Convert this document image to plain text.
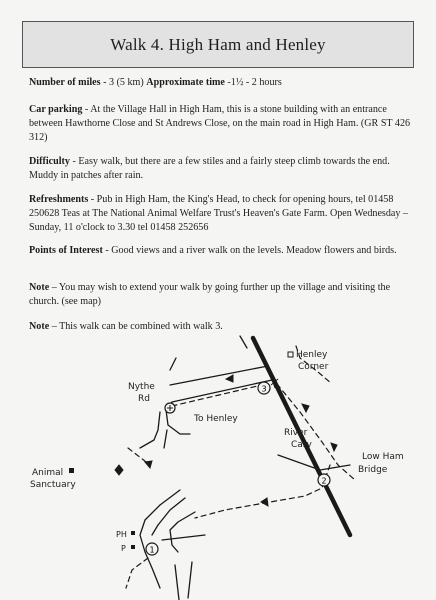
Walk 4. High Ham and Henley
Number of miles - 3 (5 km) Approximate time -1½ - 2 hours
Car parking - At the Village Hall in High Ham, this is a stone building with an entrance between Hawthorne Close and St Andrews Close, on the main road in High Ham. (GR ST 426 312)
Difficulty - Easy walk, but there are a few stiles and a fairly steep climb towards the end. Muddy in patches after rain.
Refreshments - Pub in High Ham, the King's Head, to check for opening hours, tel 01458 250628 Teas at The National Animal Welfare Trust's Heaven's Gate Farm. Open Wednesday – Sunday, 11 o'clock to 3.30 tel 01458 252656
Points of Interest - Good views and a river walk on the levels. Meadow flowers and birds.
Note – You may wish to extend your walk by going further up the village and visiting the church. (see map)
Note – This walk can be combined with walk 3.
3
2
1
Henley
Corner
Nythe
Rd
To Henley
River
Cary
Low Ham
Bridge
Animal
Sanctuary
PH
P
